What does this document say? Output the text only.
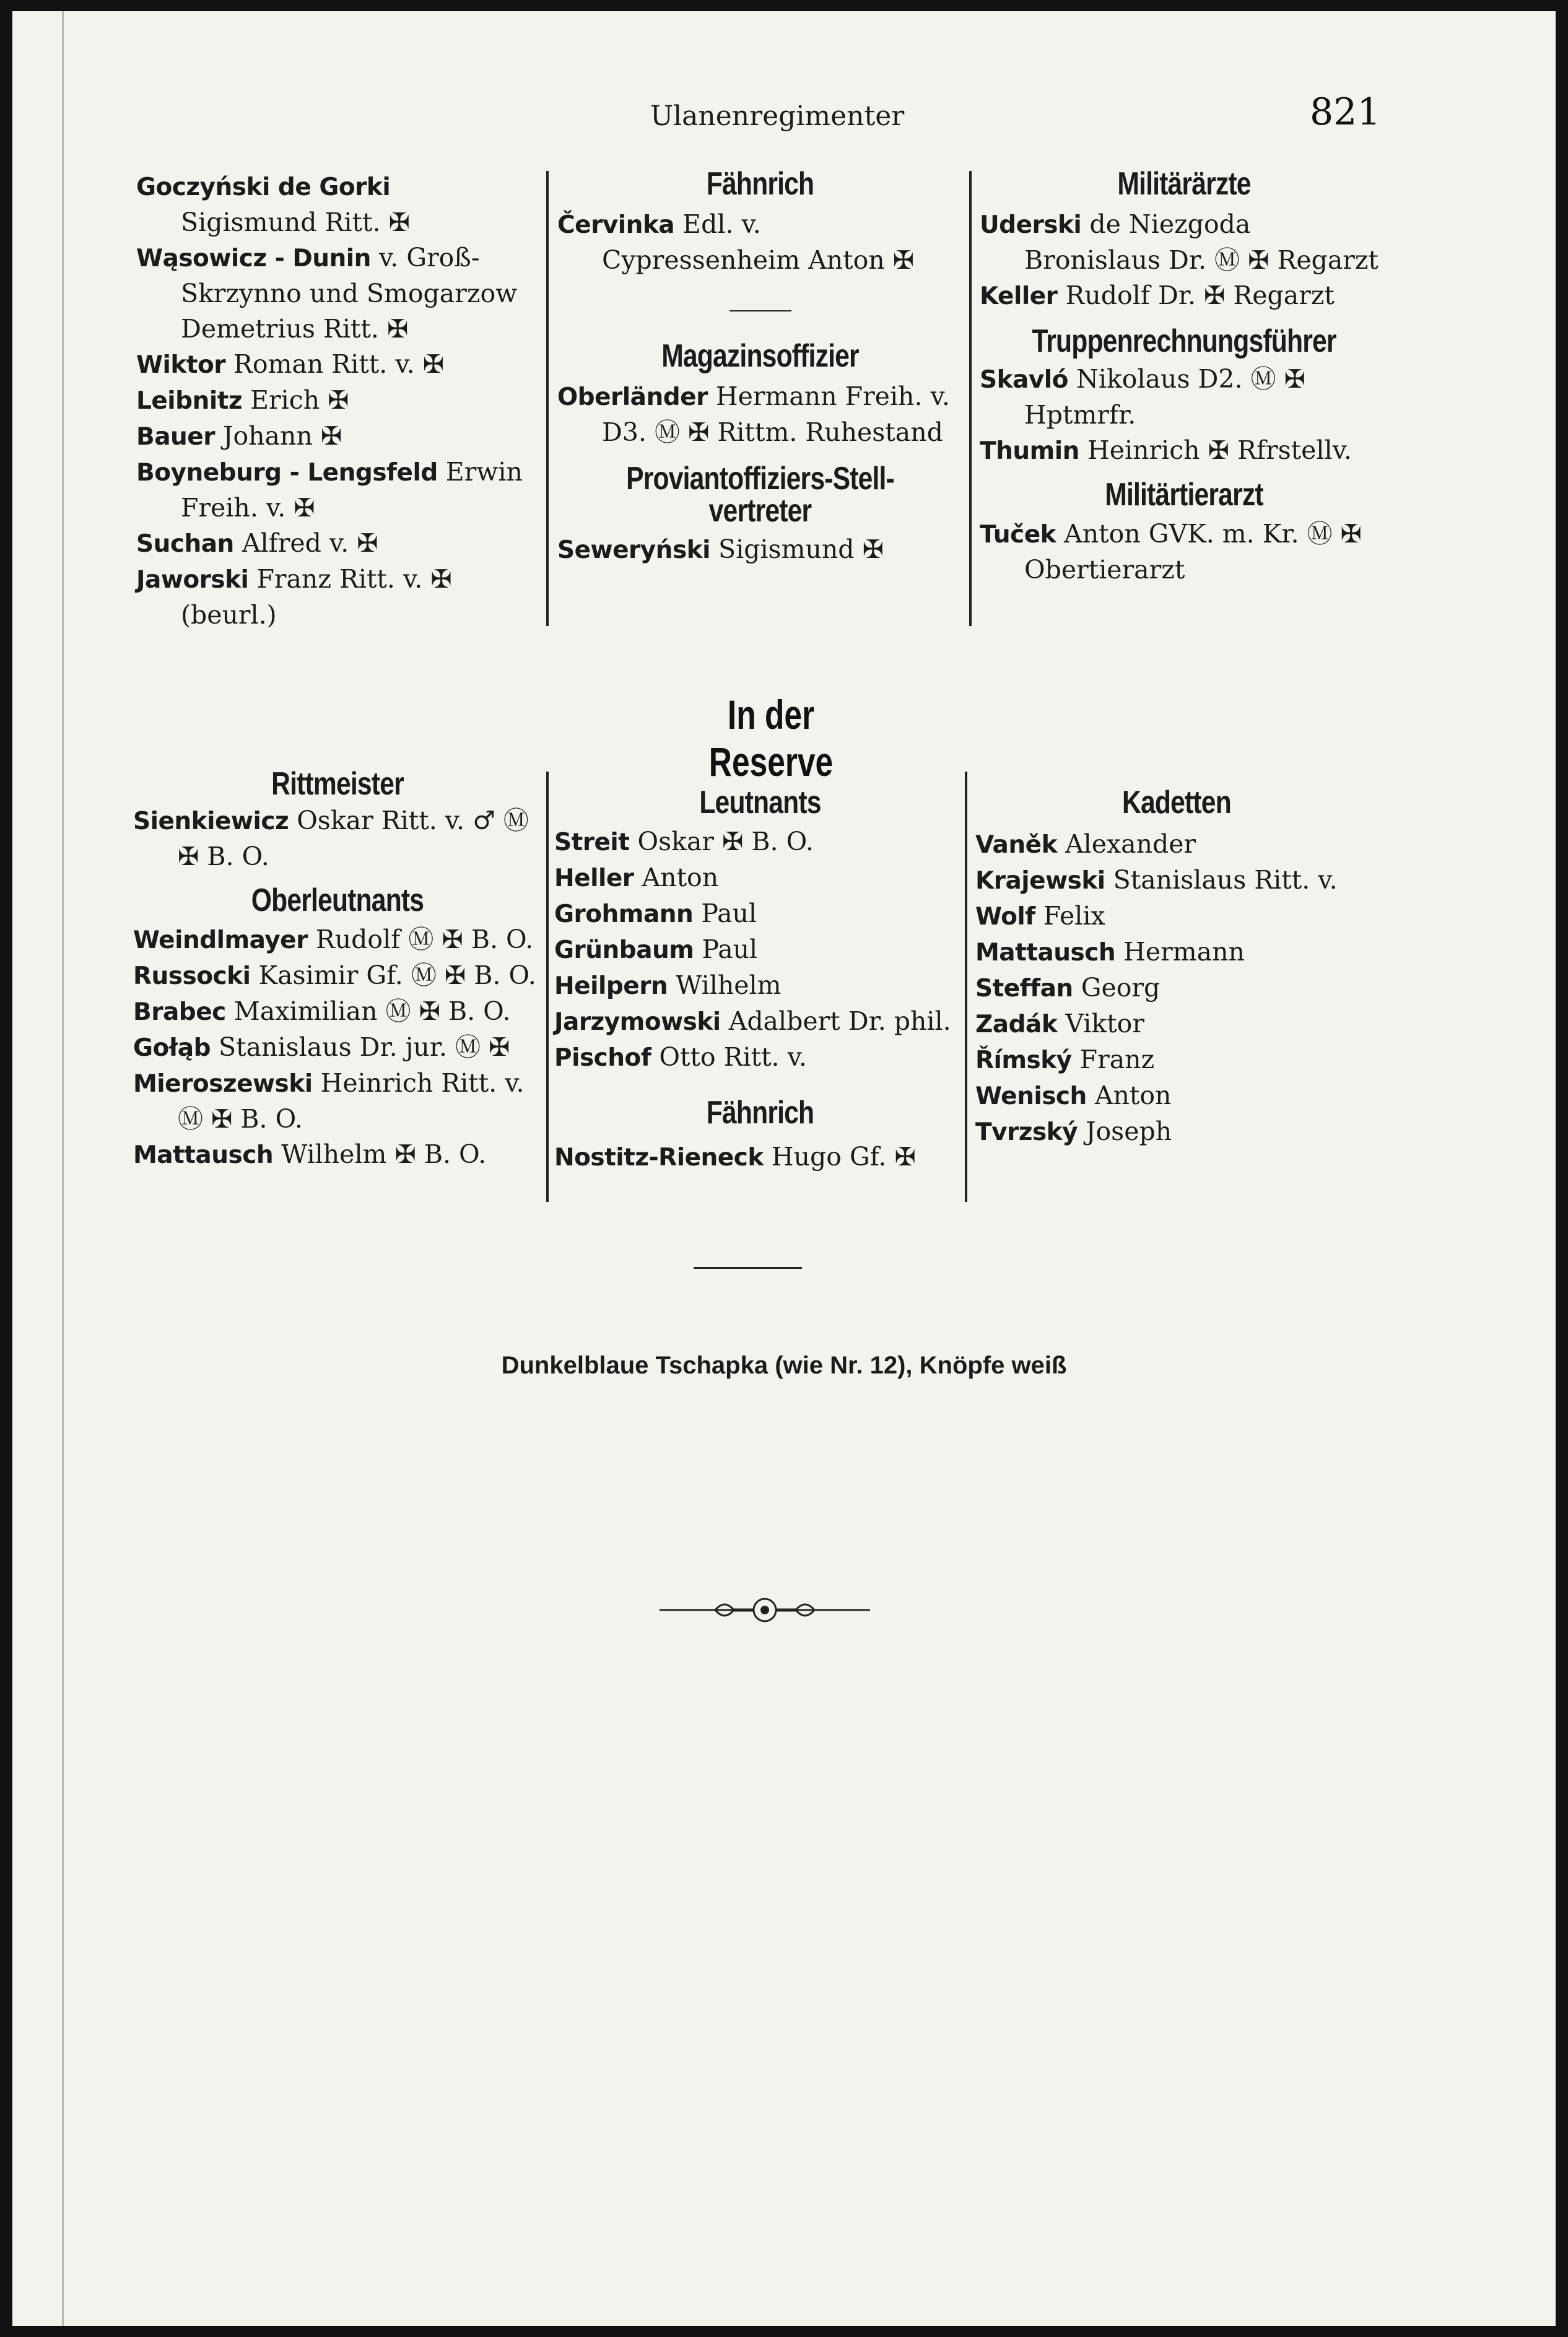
Ulanenregimenter	821

Goczyński de Gorki Sigismund Ritt. ✠

Wąsowicz - Dunin v. Groß-Skrzynno und Smogarzow Demetrius Ritt. ✠

Wiktor Roman Ritt. v. ✠

Leibnitz Erich ✠

Bauer Johann ✠

Boyneburg - Lengsfeld Erwin Freih. v. ✠

Suchan Alfred v. ✠

Jaworski Franz Ritt. v. ✠ (beurl.)

Fähnrich

Červinka Edl. v. Cypressenheim Anton ✠

Magazinsoffizier

Oberländer Hermann Freih. v. D3. Ⓜ ✠ Rittm. Ruhestand

Proviantoffiziers-Stell-vertreter

Seweryński Sigismund ✠

Militärärzte

Uderski de Niezgoda Bronislaus Dr. Ⓜ ✠ Regarzt

Keller Rudolf Dr. ✠ Regarzt

Truppenrechnungsführer

Skavló Nikolaus D2. Ⓜ ✠ Hptmrfr.

Thumin Heinrich ✠ Rfrstellv.

Militärtierarzt

Tuček Anton GVK. m. Kr. Ⓜ ✠ Obertierarzt

In der Reserve
Rittmeister

Sienkiewicz Oskar Ritt. v. ♂ Ⓜ ✠ B. O.

Oberleutnants

Weindlmayer Rudolf Ⓜ ✠ B. O.

Russocki Kasimir Gf. Ⓜ ✠ B. O.

Brabec Maximilian Ⓜ ✠ B. O.

Gołąb Stanislaus Dr. jur. Ⓜ ✠

Mieroszewski Heinrich Ritt. v. Ⓜ ✠ B. O.

Mattausch Wilhelm ✠ B. O.

Leutnants

Streit Oskar ✠ B. O.

Heller Anton

Grohmann Paul

Grünbaum Paul

Heilpern Wilhelm

Jarzymowski Adalbert Dr. phil.

Pischof Otto Ritt. v.

Fähnrich

Nostitz-Rieneck Hugo Gf. ✠

Kadetten

Vaněk Alexander

Krajewski Stanislaus Ritt. v.

Wolf Felix

Mattausch Hermann

Steffan Georg

Zadák Viktor

Římský Franz

Wenisch Anton

Tvrzský Joseph

Dunkelblaue Tschapka (wie Nr. 12), Knöpfe weiß
